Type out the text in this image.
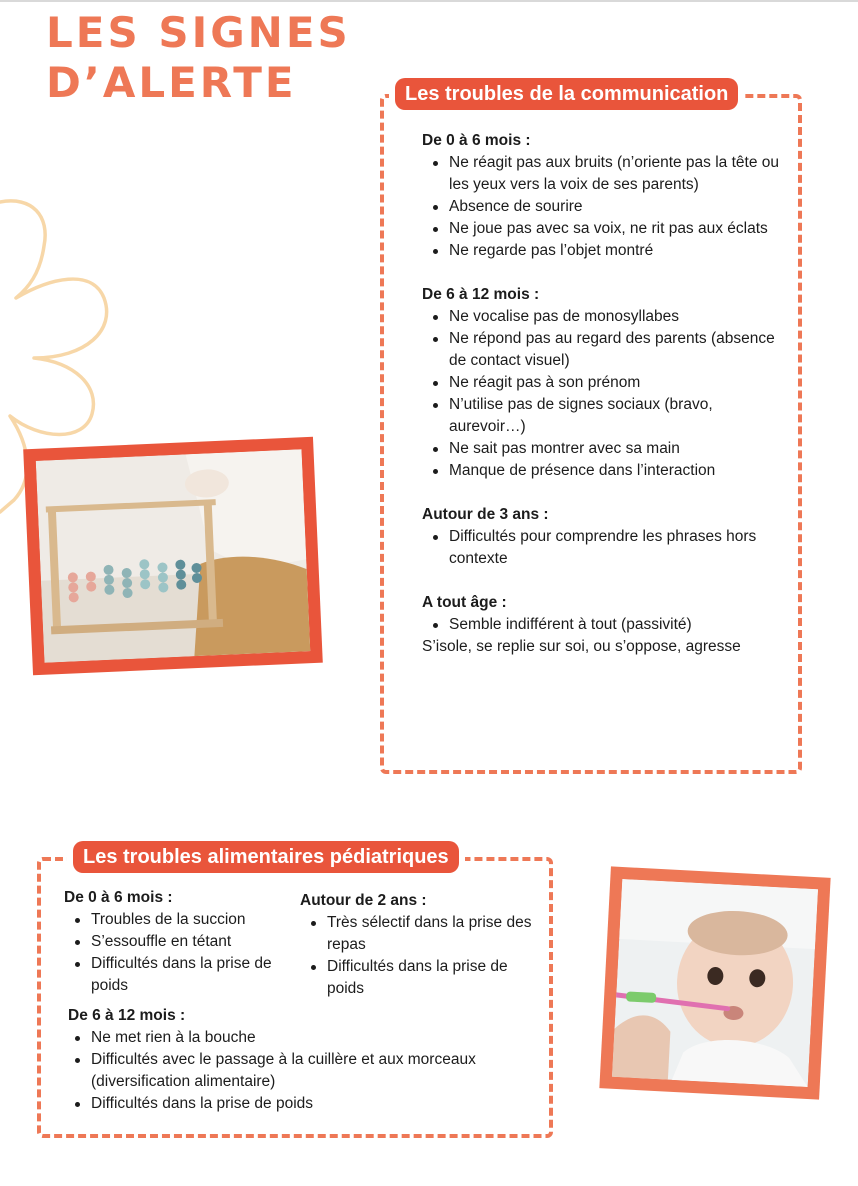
LES SIGNES
D’ALERTE	Les troubles de la communication

De 0 à 6 mois :

Ne réagit pas aux bruits (n’oriente pas la tête ou les yeux vers la voix de ses parents)
Absence de sourire
Ne joue pas avec sa voix, ne rit pas aux éclats
Ne regarde pas l’objet montré

De 6 à 12 mois :

Ne vocalise pas de monosyllabes
Ne répond pas au regard des parents (absence de contact visuel)
Ne réagit pas à son prénom
N’utilise pas de signes sociaux (bravo, aurevoir…)
Ne sait pas montrer avec sa main
Manque de présence dans l’interaction

Autour de 3 ans :

Difficultés pour comprendre les phrases hors contexte

A tout âge :

Semble indifférent à tout (passivité)

S’isole, se replie sur soi, ou s’oppose, agresse

Les troubles alimentaires pédiatriques

De 0 à 6 mois :

Troubles de la succion
S’essouffle en tétant
Difficultés dans la prise de poids

Autour de 2 ans :

Très sélectif dans la prise des repas
Difficultés dans la prise de poids

De 6 à 12 mois :

Ne met rien à la bouche
Difficultés avec le passage à la cuillère et aux morceaux (diversification alimentaire)
Difficultés dans la prise de poids
